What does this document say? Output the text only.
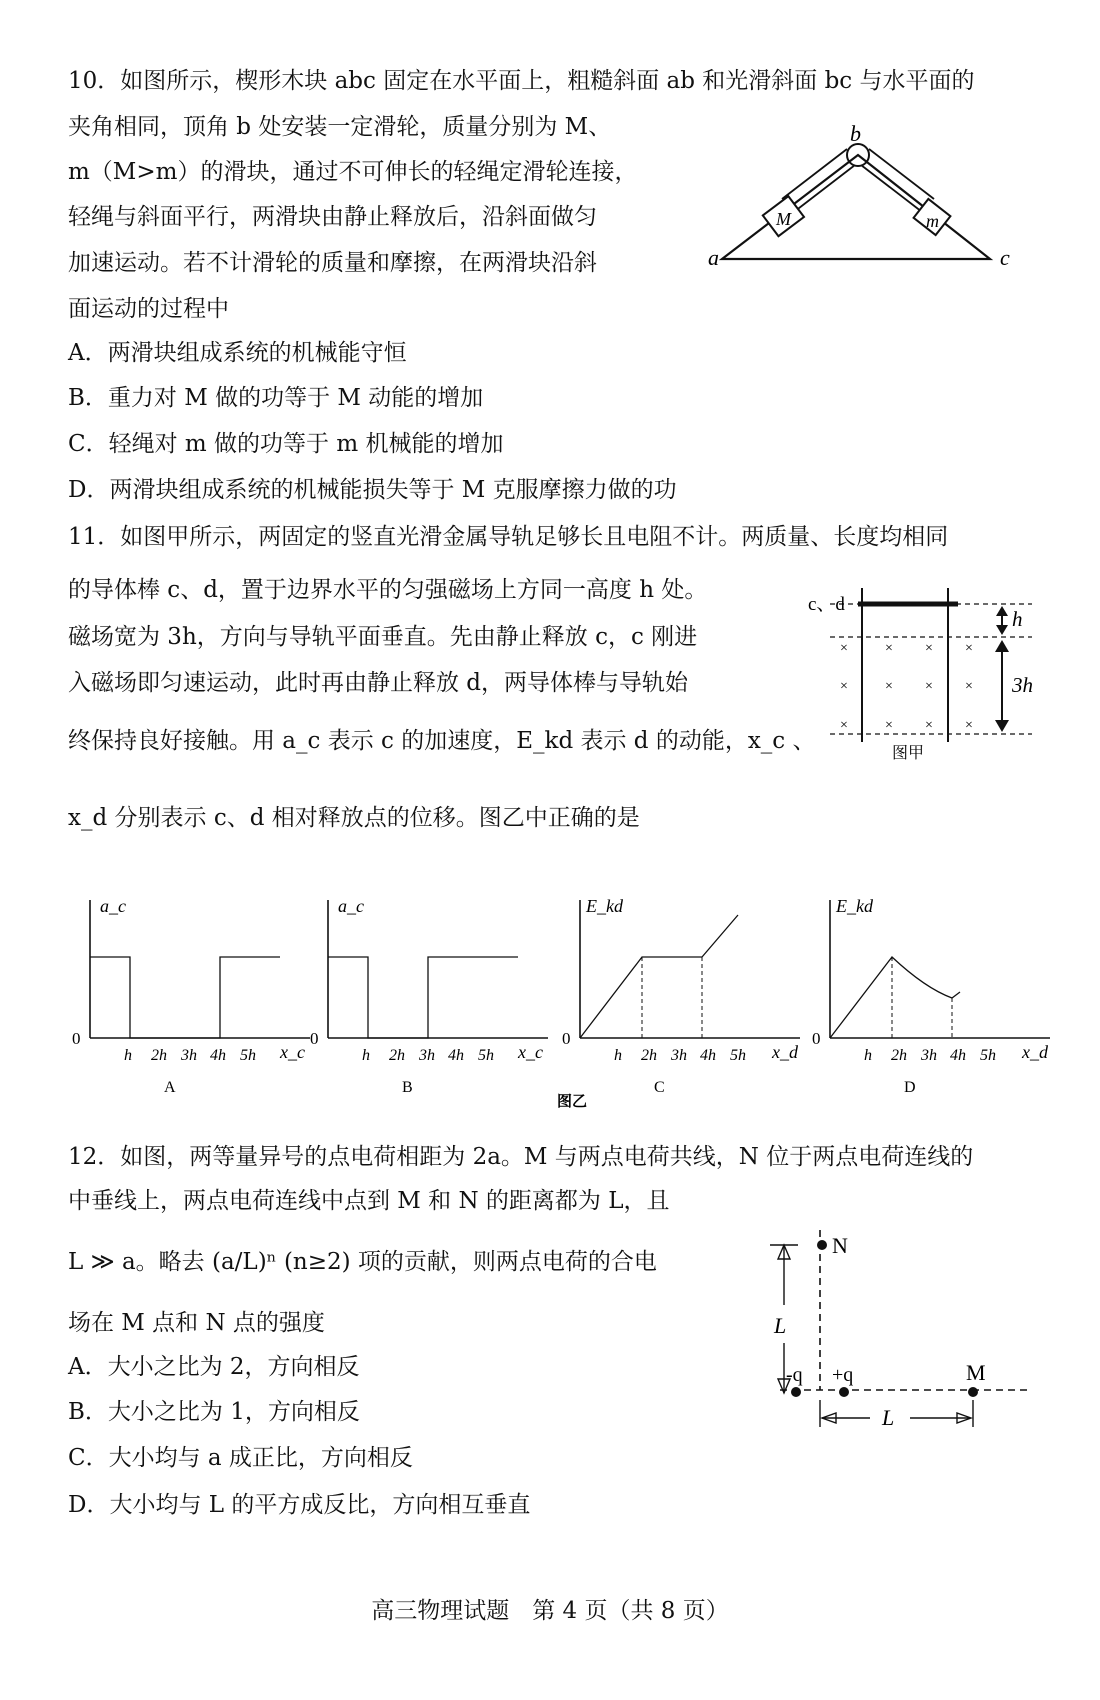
10．如图所示，楔形木块 abc 固定在水平面上，粗糙斜面 ab 和光滑斜面 bc 与水平面的
夹角相同，顶角 b 处安装一定滑轮，质量分别为 M、
m（M>m）的滑块，通过不可伸长的轻绳定滑轮连接，
轻绳与斜面平行，两滑块由静止释放后，沿斜面做匀
加速运动。若不计滑轮的质量和摩擦，在两滑块沿斜
面运动的过程中
a
b
c
M	m
A．两滑块组成系统的机械能守恒
B．重力对 M 做的功等于 M 动能的增加
C．轻绳对 m 做的功等于 m 机械能的增加
D．两滑块组成系统的机械能损失等于 M 克服摩擦力做的功
11．如图甲所示，两固定的竖直光滑金属导轨足够长且电阻不计。两质量、长度均相同
的导体棒 c、d，置于边界水平的匀强磁场上方同一高度 h 处。
磁场宽为 3h，方向与导轨平面垂直。先由静止释放 c，c 刚进
入磁场即匀速运动，此时再由静止释放 d，两导体棒与导轨始
终保持良好接触。用 a_c 表示 c 的加速度，E_kd 表示 d 的动能，x_c 、
x_d 分别表示 c、d 相对释放点的位移。图乙中正确的是
×	× × ×
×	× × ×
×	× × ×
c、d
h
3h
图甲
a_c
x_c
0
h 2h 3h 4h 5h
A
a_c
x_c
0
h 2h 3h 4h 5h
B
E_kd
x_d
0
h 2h 3h 4h 5h
C
E_kd
x_d
0
h 2h 3h 4h 5h
D
图乙
12．如图，两等量异号的点电荷相距为 2a。M 与两点电荷共线，N 位于两点电荷连线的
中垂线上，两点电荷连线中点到 M 和 N 的距离都为 L，且
L ≫ a。略去 (a/L)ⁿ (n≥2) 项的贡献，则两点电荷的合电
场在 M 点和 N 点的强度
N
M
-q +q
L
L
A．大小之比为 2，方向相反
B．大小之比为 1，方向相反
C．大小均与 a 成正比，方向相反
D．大小均与 L 的平方成反比，方向相互垂直
高三物理试题　第 4 页（共 8 页）
